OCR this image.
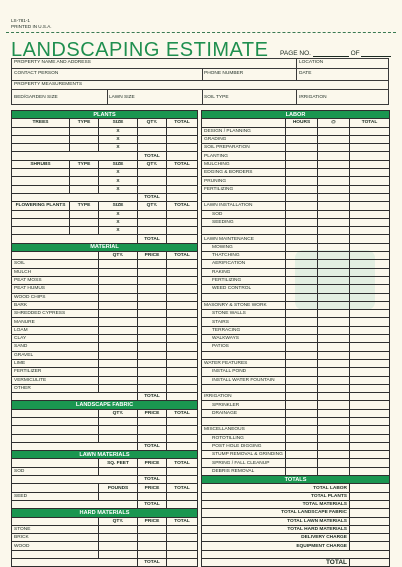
LS-781-1
PRINTED IN U.S.A.
LANDSCAPING ESTIMATE PAGE NO.	OF
PROPERTY NAME AND ADDRESS	LOCATION
CONTACT PERSON	PHONE NUMBER	DATE
PROPERTY MEASUREMENTS
BED/GARDEN SIZE	LAWN SIZE	SOIL TYPE	IRRIGATION
PLANTS				
TREES	TYPE	SIZE	QTY.	TOTAL
		X		
		X		
		X		
			TOTAL	
SHRUBS	TYPE	SIZE	QTY.	TOTAL
		X		
		X		
		X		
			TOTAL	
FLOWERING PLANTS	TYPE	SIZE	QTY.	TOTAL
		X		
		X		
		X		
			TOTAL	
MATERIAL				
		QTY.	PRICE	TOTAL
SOIL				
MULCH				
PEAT MOSS				
PEAT HUMUS				
WOOD CHIPS				
BARK				
SHREDDED CYPRESS				
MANURE				
LOAM				
CLAY				
SAND				
GRAVEL				
LIME				
FERTILIZER				
VERMICULITE				
OTHER				
			TOTAL	
LANDSCAPE FABRIC				
		QTY.	PRICE	TOTAL

			TOTAL	
LAWN MATERIALS				
		SQ. FEET	PRICE	TOTAL
SOD				
			TOTAL	
		POUNDS	PRICE	TOTAL
SEED				
			TOTAL	
HARD MATERIALS				
		QTY.	PRICE	TOTAL
STONE				
BRICK				
WOOD				

			TOTAL	
LABOR			
	HOURS	@	TOTAL
DESIGN / PLANNING			
GRADING			
SOIL PREPARATION			
PLANTING			
MULCHING			
EDGING & BORDERS			
PRUNING			
FERTILIZING			

LAWN INSTALLATION			
SOD			
SEEDING			

LAWN MAINTENANCE			
MOWING			
THATCHING			
AERIFICATION			
RAKING			
FERTILIZING			
WEED CONTROL			

MASONRY & STONE WORK			
STONE WALLS			
STAIRS			
TERRACING			
WALKWAYS			
PATIOS			

WATER FEATURES			
INSTALL POND			
INSTALL WATER FOUNTAIN			

IRRIGATION			
SPRINKLER			
DRAINAGE			

MISCELLANEOUS			
ROTOTILLING			
POST HOLE DIGGING			
STUMP REMOVAL & GRINDING			
SPRING / FALL CLEANUP			
DEBRIS REMOVAL			
TOTALS			
TOTAL LABOR			
TOTAL PLANTS			
TOTAL MATERIALS			
TOTAL LANDSCAPE FABRIC			
TOTAL LAWN MATERIALS			
TOTAL HARD MATERIALS			
DELIVERY CHARGE			
EQUIPMENT CHARGE			

TOTAL			
